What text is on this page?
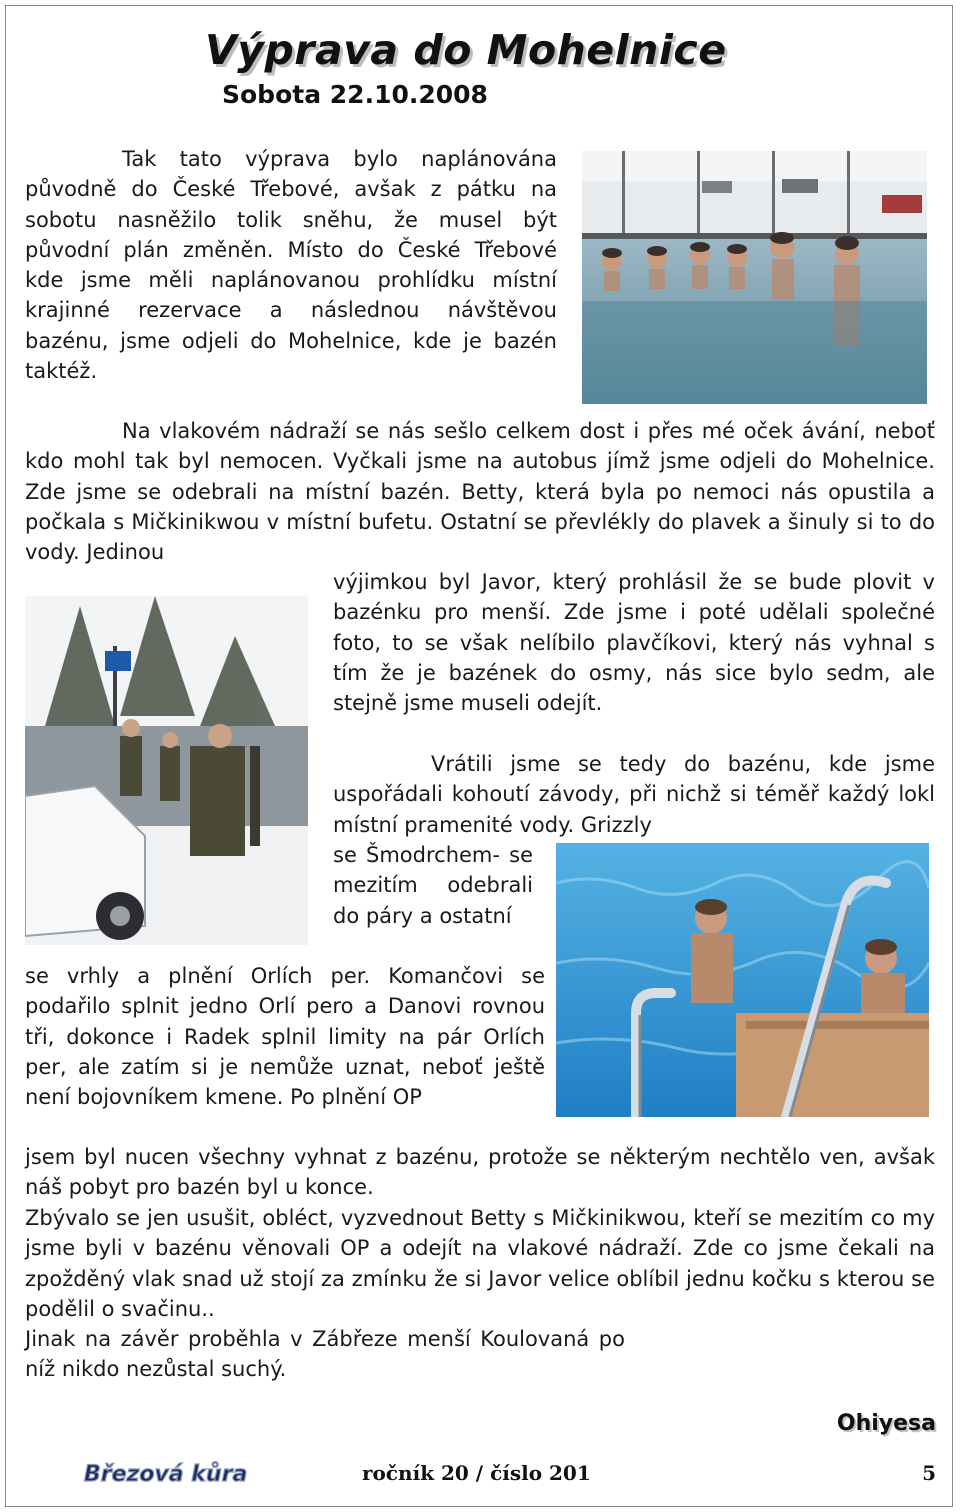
Výprava do Mohelnice
Sobota 22.10.2008

Tak tato výprava bylo naplánována původně do České Třebové, avšak z pátku na sobotu nasněžilo tolik sněhu, že musel být původní plán změněn. Místo do České Třebové kde jsme měli naplánovanou prohlídku místní krajinné rezervace a následnou návštěvou bazénu, jsme odjeli do Mohelnice, kde je bazén taktéž.

Na vlakovém nádraží se nás sešlo celkem dost i přes mé oček ávání, neboť kdo mohl tak byl nemocen. Vyčkali jsme na autobus jímž jsme odjeli do Mohelnice. Zde jsme se odebrali na místní bazén. Betty, která byla po nemoci nás opustila a počkala s Mičkinikwou v místní bufetu. Ostatní se převlékly do plavek a šinuly si to do vody. Jedinou

výjimkou byl Javor, který prohlásil že se bude plovit v bazénku pro menší. Zde jsme i poté udělali společné foto, to se však nelíbilo plavčíkovi, který nás vyhnal s tím že je bazének do osmy, nás sice bylo sedm, ale stejně jsme museli odejít.

Vrátili jsme se tedy do bazénu, kde jsme uspořádali kohoutí závody, při nichž si téměř každý lokl místní pramenité vody. Grizzly

se Šmodrchem- se mezitím odebrali do páry a ostatní

se vrhly a plnění Orlích per. Komančovi se podařilo splnit jedno Orlí pero a Danovi rovnou tři, dokonce i Radek splnil limity na pár Orlích per, ale zatím si je nemůže uznat, neboť ještě není bojovníkem kmene. Po plnění OP

jsem byl nucen všechny vyhnat z bazénu, protože se některým nechtělo ven, avšak náš pobyt pro bazén byl u konce.

Zbývalo se jen usušit, obléct, vyzvednout Betty s Mičkinikwou, kteří se mezitím co my jsme byli v bazénu věnovali OP a odejít na vlakové nádraží. Zde co jsme čekali na zpožděný vlak snad už stojí za zmínku že si Javor velice oblíbil jednu kočku s kterou se podělil o svačinu..

Jinak na závěr proběhla v Zábřeze menší Koulovaná po níž nikdo nezůstal suchý.

Ohiyesa
Březová kůra	ročník 20 / číslo 201	5
